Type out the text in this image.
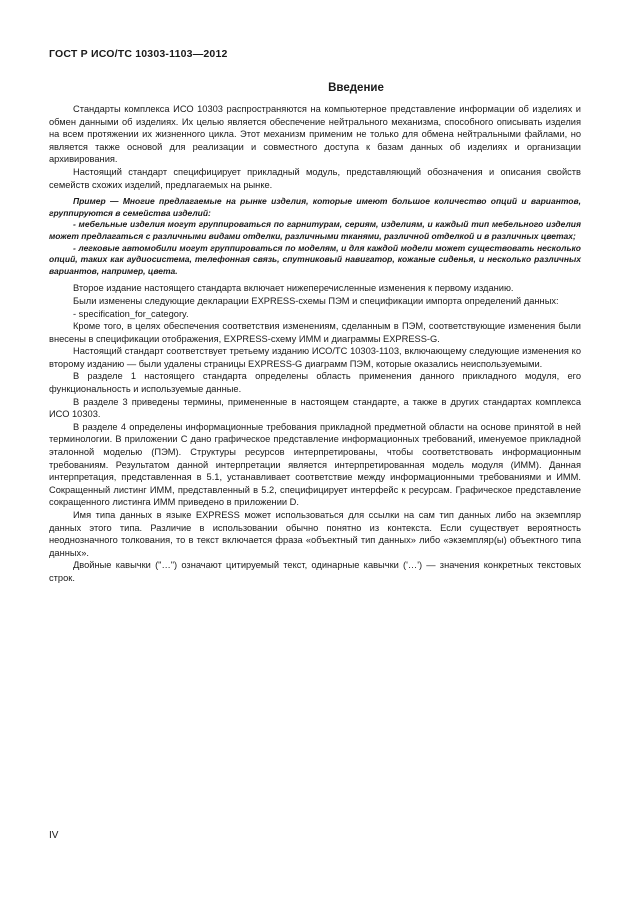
ГОСТ Р ИСО/ТС 10303-1103—2012
Введение

Стандарты комплекса ИСО 10303 распространяются на компьютерное представление информации об изделиях и обмен данными об изделиях. Их целью является обеспечение нейтрального механизма, способного описывать изделия на всем протяжении их жизненного цикла. Этот механизм применим не только для обмена нейтральными файлами, но является также основой для реализации и совместного доступа к базам данных об изделиях и организации архивирования.

Настоящий стандарт специфицирует прикладный модуль, представляющий обозначения и описания свойств семейств схожих изделий, предлагаемых на рынке.

Пример — Многие предлагаемые на рынке изделия, которые имеют большое количество опций и вариантов, группируются в семейства изделий:

- мебельные изделия могут группироваться по гарнитурам, сериям, изделиям, и каждый тип мебельного изделия может предлагаться с различными видами отделки, различными тканями, различной отделкой и в различных цветах;

- легковые автомобили могут группироваться по моделям, и для каждой модели может существовать несколько опций, таких как аудиосистема, телефонная связь, спутниковый навигатор, кожаные сиденья, и несколько различных вариантов, например, цвета.

Второе издание настоящего стандарта включает нижеперечисленные изменения к первому изданию.

Были изменены следующие декларации EXPRESS-схемы ПЭМ и спецификации импорта определений данных:

- specification_for_category.

Кроме того, в целях обеспечения соответствия изменениям, сделанным в ПЭМ, соответствующие изменения были внесены в спецификации отображения, EXPRESS-схему ИММ и диаграммы EXPRESS-G.

Настоящий стандарт соответствует третьему изданию ИСО/ТС 10303-1103, включающему следующие изменения ко второму изданию — были удалены страницы EXPRESS-G диаграмм ПЭМ, которые оказались неиспользуемыми.

В разделе 1 настоящего стандарта определены область применения данного прикладного модуля, его функциональность и используемые данные.

В разделе 3 приведены термины, примененные в настоящем стандарте, а также в других стандартах комплекса ИСО 10303.

В разделе 4 определены информационные требования прикладной предметной области на основе принятой в ней терминологии. В приложении С дано графическое представление информационных требований, именуемое прикладной эталонной моделью (ПЭМ). Структуры ресурсов интерпретированы, чтобы соответствовать информационным требованиям. Результатом данной интерпретации является интерпретированная модель модуля (ИММ). Данная интерпретация, представленная в 5.1, устанавливает соответствие между информационными требованиями и ИММ. Сокращенный листинг ИММ, представленный в 5.2, специфицирует интерфейс к ресурсам. Графическое представление сокращенного листинга ИММ приведено в приложении D.

Имя типа данных в языке EXPRESS может использоваться для ссылки на сам тип данных либо на экземпляр данных этого типа. Различие в использовании обычно понятно из контекста. Если существует вероятность неоднозначного толкования, то в текст включается фраза «объектный тип данных» либо «экземпляр(ы) объектного типа данных».

Двойные кавычки ("…") означают цитируемый текст, одинарные кавычки ('…') — значения конкретных текстовых строк.

IV
